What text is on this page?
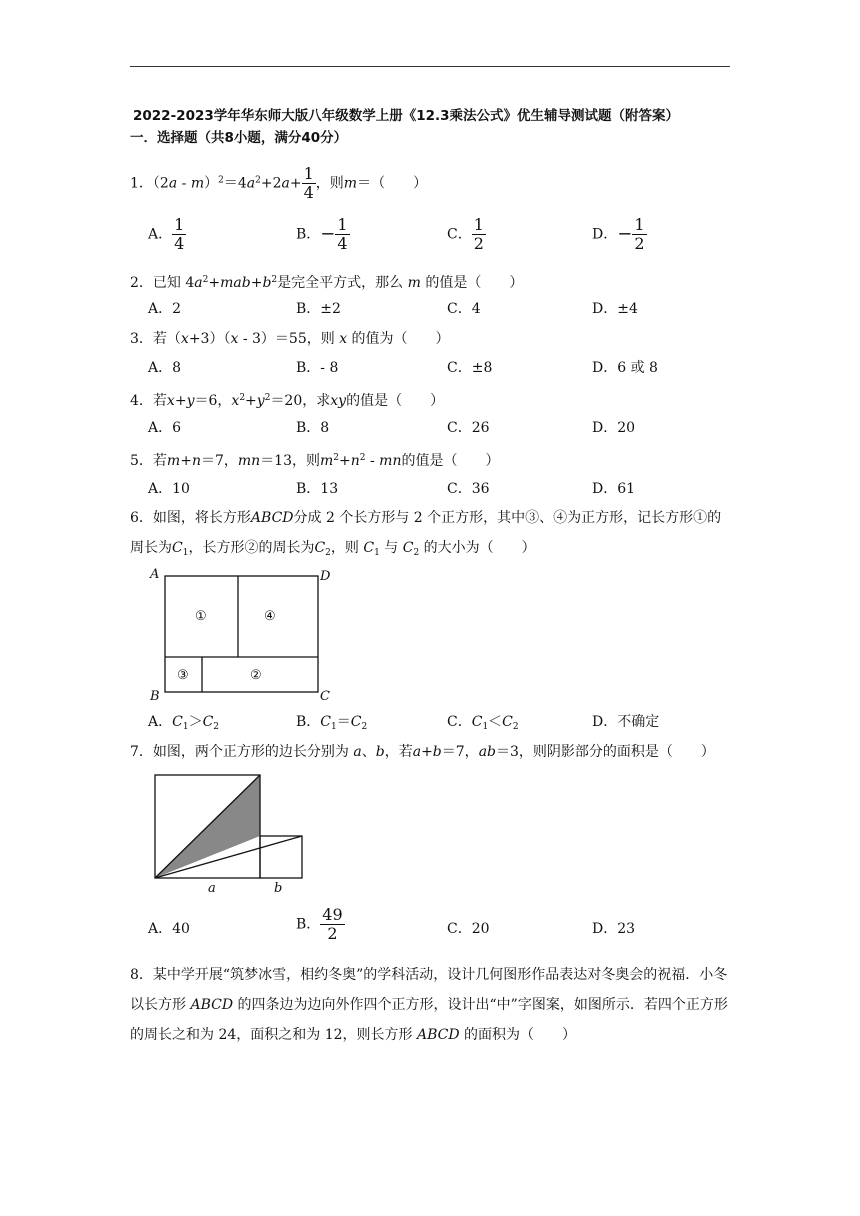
2022-2023学年华东师大版八年级数学上册《12.3乘法公式》优生辅导测试题（附答案）
一．选择题（共8小题，满分40分）
1．$(2a - m)^2=4a^2+2a+ \frac{1}{4}$ ，则m＝（　　）
A． $\frac{1}{4}$	B．− $\frac{1}{4}$	C． $\frac{1}{2}$	D．− $\frac{1}{2}$
2．已知 $4a^2+mab+b^2$是完全平方式，那么 m 的值是（　　）
A．2	B．±2	C．4	D．±4
3．若（x+3）（x - 3）＝55，则 x 的值为（　　）
A．8	B．- 8	C．±8	D．6 或 8
4．若x+y＝6，$x^2+y^2=20$，求xy的值是（　　）
A．6	B．8	C．26	D．20
5．若m+n＝7，mn＝13，则$m^2+n^2$ - mn的值是（　　）
A．10	B．13	C．36	D．61
6．如图，将长方形ABCD分成 2 个长方形与 2 个正方形，其中③、④为正方形，记长方形①的周长为$C_1$，长方形②的周长为$C_2$，则 $C_1$ 与 $C_2$ 的大小为（　　）
A	D
B	C
①	④
③	②
A．$C_1>C_2$	B．$C_1=C_2$	C．$C_1<C_2$	D．不确定
7．如图，两个正方形的边长分别为 a、b，若a+b＝7，ab＝3，则阴影部分的面积是（　　）
a	b
A．40	B． $\frac{49}{2}$	C．20	D．23
8．某中学开展“筑梦冰雪，相约冬奥”的学科活动，设计几何图形作品表达对冬奥会的祝福．小冬以长方形 ABCD 的四条边为边向外作四个正方形，设计出“中”字图案，如图所示．若四个正方形的周长之和为 24，面积之和为 12，则长方形 ABCD 的面积为（　　）
